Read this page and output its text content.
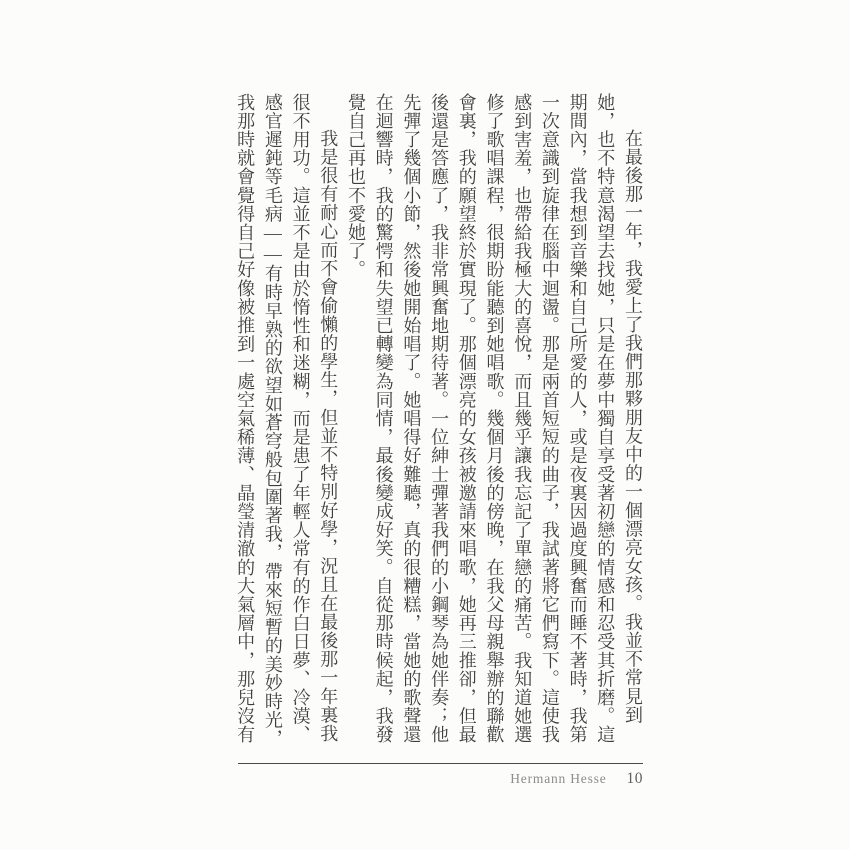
在最後那一年，我愛上了我們那夥朋友中的一個漂亮女孩。我並不常見到她，也不特意渴望去找她，只是在夢中獨自享受著初戀的情感和忍受其折磨。這期間內，當我想到音樂和自己所愛的人，或是夜裏因過度興奮而睡不著時，我第一次意識到旋律在腦中迴盪。那是兩首短短的曲子，我試著將它們寫下。這使我感到害羞，也帶給我極大的喜悅，而且幾乎讓我忘記了單戀的痛苦。我知道她選修了歌唱課程，很期盼能聽到她唱歌。幾個月後的傍晚，在我父母親舉辦的聯歡會裏，我的願望終於實現了。那個漂亮的女孩被邀請來唱歌，她再三推卻，但最後還是答應了，我非常興奮地期待著。一位紳士彈著我們的小鋼琴為她伴奏；他先彈了幾個小節，然後她開始唱了。她唱得好難聽，真的很糟糕，當她的歌聲還在迴響時，我的驚愕和失望已轉變為同情，最後變成好笑。自從那時候起，我發覺自己再也不愛她了。

我是很有耐心而不會偷懶的學生，但並不特別好學，況且在最後那一年裏我很不用功。這並不是由於惰性和迷糊，而是患了年輕人常有的作白日夢、冷漠、感官遲鈍等毛病——有時早熟的欲望如蒼穹般包圍著我，帶來短暫的美妙時光，我那時就會覺得自己好像被推到一處空氣稀薄、晶瑩清澈的大氣層中，那兒沒有

Hermann Hesse 10
